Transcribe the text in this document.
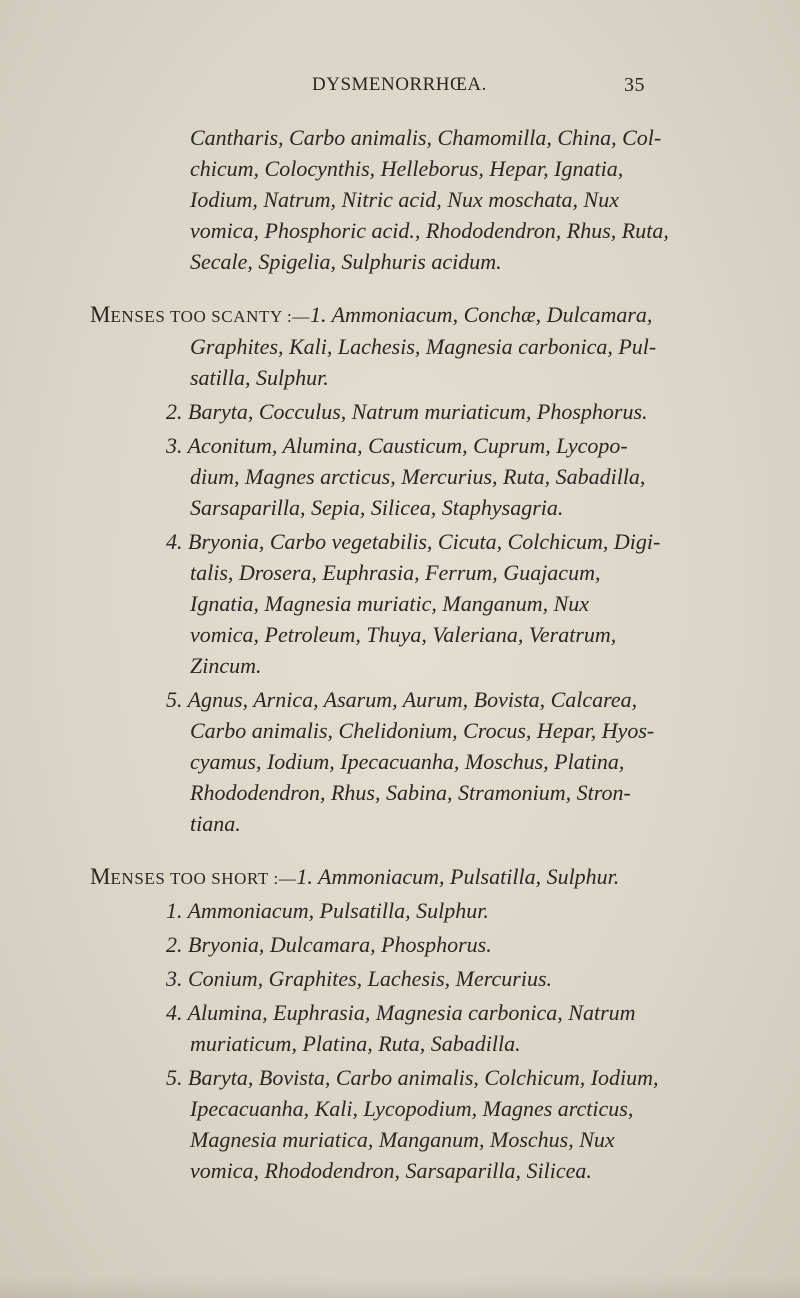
DYSMENORRHŒA.	35
Cantharis, Carbo animalis, Chamomilla, China, Col-
chicum, Colocynthis, Helleborus, Hepar, Ignatia,
Iodium, Natrum, Nitric acid, Nux moschata, Nux
vomica, Phosphoric acid., Rhododendron, Rhus, Ruta,
Secale, Spigelia, Sulphuris acidum.
MENSES TOO SCANTY :—1. Ammoniacum, Conchæ, Dulcamara,
Graphites, Kali, Lachesis, Magnesia carbonica, Pul-
satilla, Sulphur.
2. Baryta, Cocculus, Natrum muriaticum, Phosphorus.
3. Aconitum, Alumina, Causticum, Cuprum, Lycopo-
dium, Magnes arcticus, Mercurius, Ruta, Sabadilla,
Sarsaparilla, Sepia, Silicea, Staphysagria.
4. Bryonia, Carbo vegetabilis, Cicuta, Colchicum, Digi-
talis, Drosera, Euphrasia, Ferrum, Guajacum,
Ignatia, Magnesia muriatic, Manganum, Nux
vomica, Petroleum, Thuya, Valeriana, Veratrum,
Zincum.
5. Agnus, Arnica, Asarum, Aurum, Bovista, Calcarea,
Carbo animalis, Chelidonium, Crocus, Hepar, Hyos-
cyamus, Iodium, Ipecacuanha, Moschus, Platina,
Rhododendron, Rhus, Sabina, Stramonium, Stron-
tiana.
MENSES TOO SHORT :—1. Ammoniacum, Pulsatilla, Sulphur.
1. Ammoniacum, Pulsatilla, Sulphur.
2. Bryonia, Dulcamara, Phosphorus.
3. Conium, Graphites, Lachesis, Mercurius.
4. Alumina, Euphrasia, Magnesia carbonica, Natrum
muriaticum, Platina, Ruta, Sabadilla.
5. Baryta, Bovista, Carbo animalis, Colchicum, Iodium,
Ipecacuanha, Kali, Lycopodium, Magnes arcticus,
Magnesia muriatica, Manganum, Moschus, Nux
vomica, Rhododendron, Sarsaparilla, Silicea.
